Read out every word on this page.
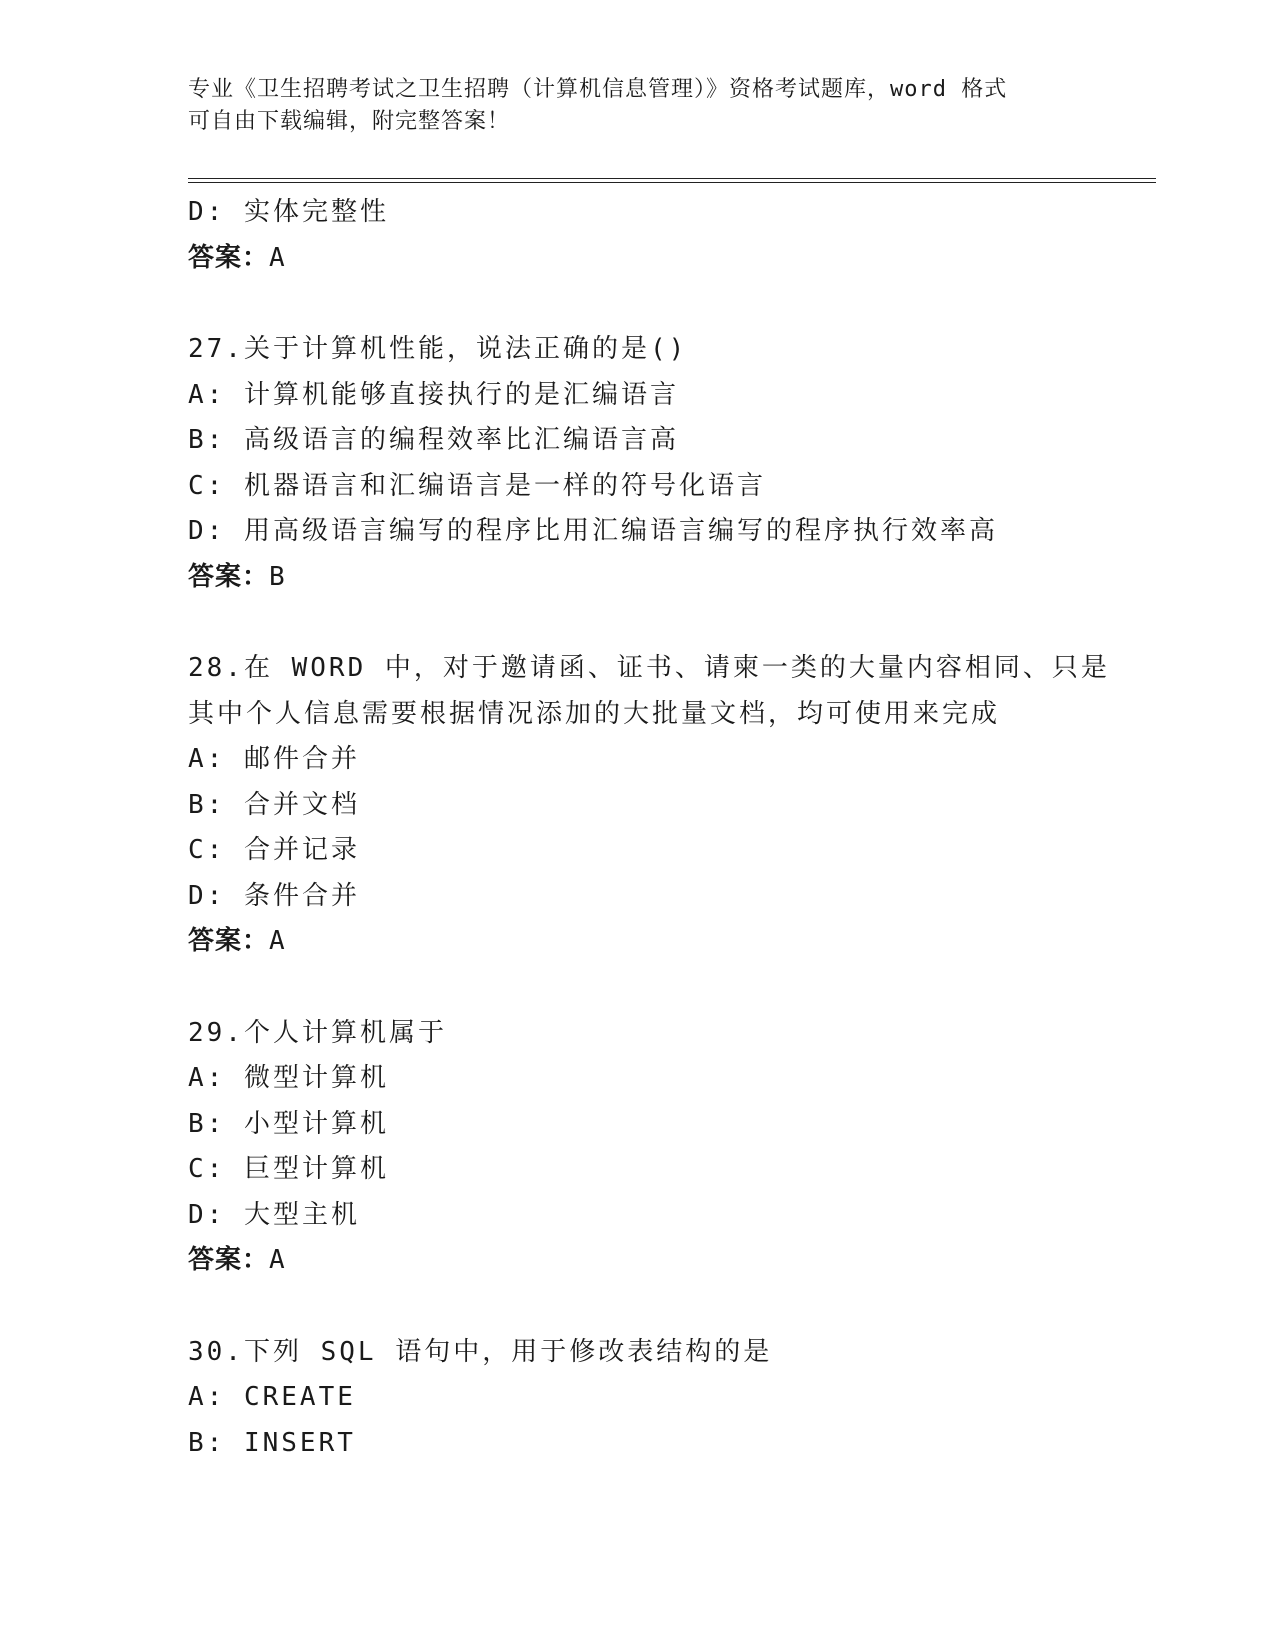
专业《卫生招聘考试之卫生招聘（计算机信息管理）》资格考试题库，word 格式
可自由下载编辑，附完整答案！
D: 实体完整性
答案：A
27.关于计算机性能，说法正确的是()
A: 计算机能够直接执行的是汇编语言
B: 高级语言的编程效率比汇编语言高
C: 机器语言和汇编语言是一样的符号化语言
D: 用高级语言编写的程序比用汇编语言编写的程序执行效率高
答案：B
28.在 WORD 中，对于邀请函、证书、请柬一类的大量内容相同、只是
其中个人信息需要根据情况添加的大批量文档，均可使用来完成
A: 邮件合并
B: 合并文档
C: 合并记录
D: 条件合并
答案：A
29.个人计算机属于
A: 微型计算机
B: 小型计算机
C: 巨型计算机
D: 大型主机
答案：A
30.下列 SQL 语句中，用于修改表结构的是
A: CREATE
B: INSERT
